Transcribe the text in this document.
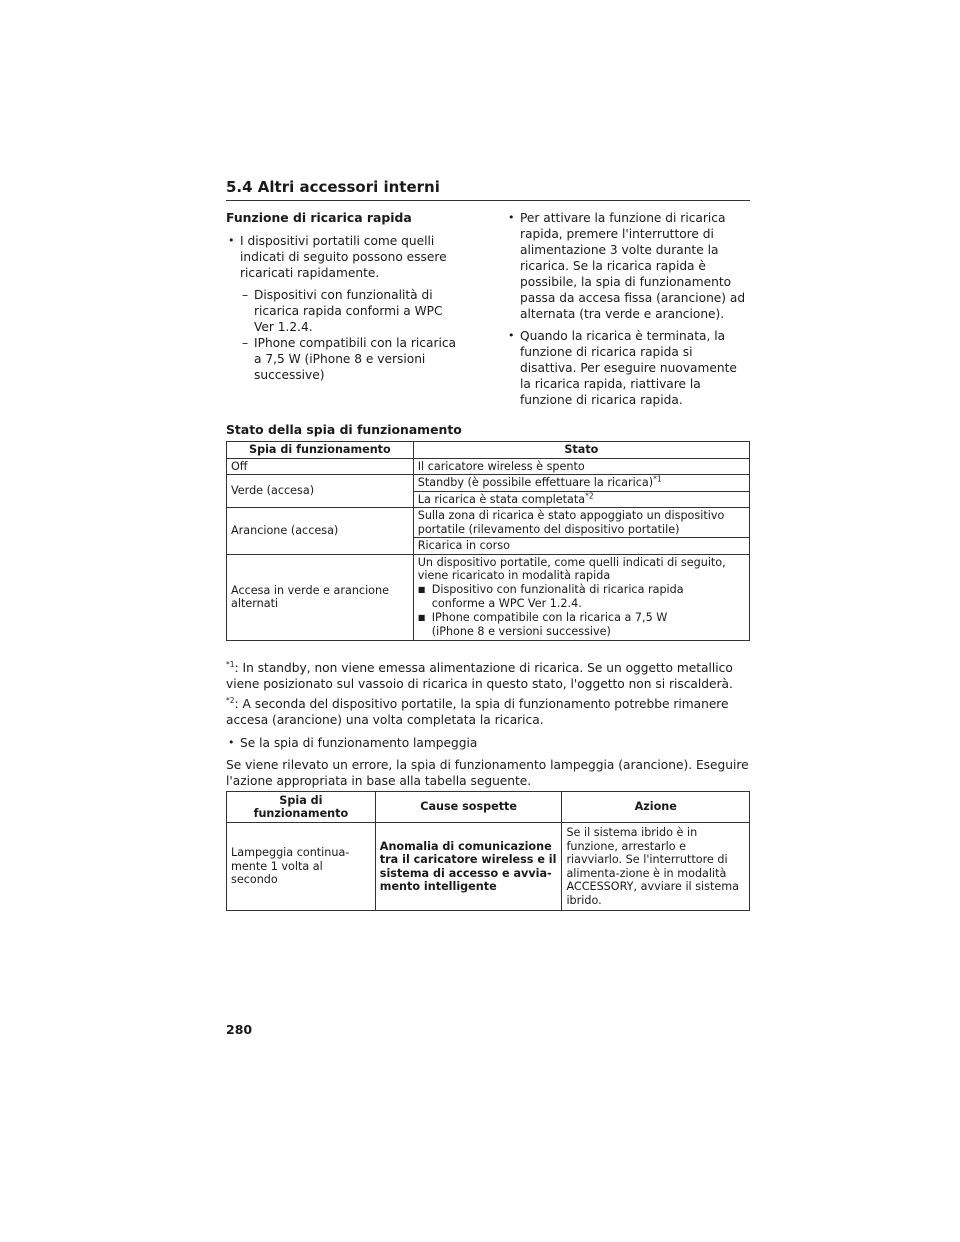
5.4 Altri accessori interni

Funzione di ricarica rapida

• I dispositivi portatili come quelli indicati di seguito possono essere ricaricati rapidamente.

– Dispositivi con funzionalità di ricarica rapida conformi a WPC Ver 1.2.4.

– IPhone compatibili con la ricarica a 7,5 W (iPhone 8 e versioni successive)

• Per attivare la funzione di ricarica rapida, premere l'interruttore di alimentazione 3 volte durante la ricarica. Se la ricarica rapida è possibile, la spia di funzionamento passa da accesa fissa (arancione) ad alternata (tra verde e arancione).
• Quando la ricarica è terminata, la funzione di ricarica rapida si disattiva. Per eseguire nuovamente la ricarica rapida, riattivare la funzione di ricarica rapida.
Stato della spia di funzionamento
Spia di funzionamento	Stato
Off	Il caricatore wireless è spento
Verde (accesa)	Standby (è possibile effettuare la ricarica)$^{*1}$
	La ricarica è stata completata$^{*2}$
Arancione (accesa)	Sulla zona di ricarica è stato appoggiato un dispositivo portatile (rilevamento del dispositivo portatile)
	Ricarica in corso
Accesa in verde e arancione alternati	Un dispositivo portatile, come quelli indicati di seguito, viene ricaricato in modalità rapida
■Dispositivo con funzionalità di ricarica rapida
conforme a WPC Ver 1.2.4.
■IPhone compatibile con la ricarica a 7,5 W
(iPhone 8 e versioni successive)
$^{*1}$: In standby, non viene emessa alimentazione di ricarica. Se un oggetto metallico viene posizionato sul vassoio di ricarica in questo stato, l'oggetto non si riscalderà.
$^{*2}$: A seconda del dispositivo portatile, la spia di funzionamento potrebbe rimanere accesa (arancione) una volta completata la ricarica.
• Se la spia di funzionamento lampeggia
Se viene rilevato un errore, la spia di funzionamento lampeggia (arancione). Eseguire l'azione appropriata in base alla tabella seguente.
Spia di funzionamento	Cause sospette	Azione
Lampeggia continua-mente 1 volta al secondo	Anomalia di comunicazione tra il caricatore wireless e il sistema di accesso e avvia-mento intelligente	Se il sistema ibrido è in funzione, arrestarlo e riavviarlo. Se l'interruttore di alimenta-zione è in modalità ACCESSORY, avviare il sistema ibrido.
280
